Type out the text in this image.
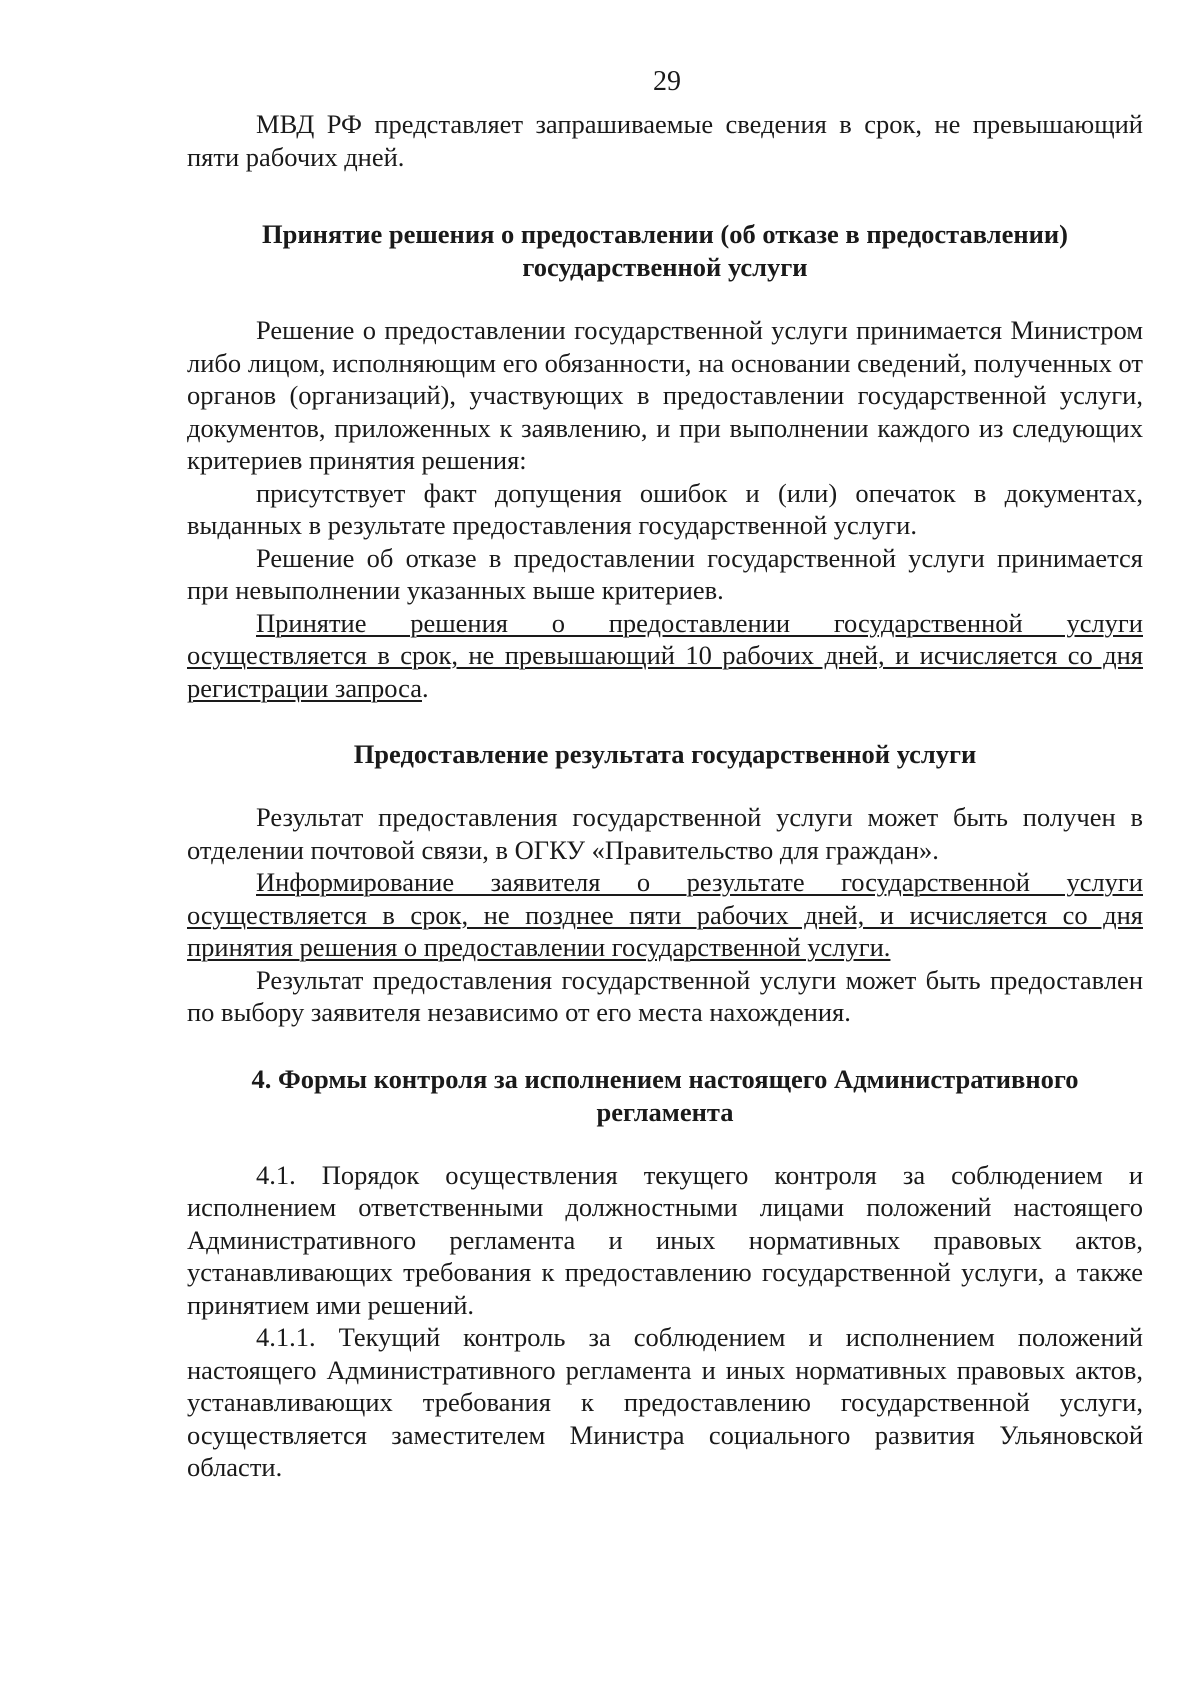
29

МВД РФ представляет запрашиваемые сведения в срок, не превышающий пяти рабочих дней.

Принятие решения о предоставлении (об отказе в предоставлении) государственной услуги

Решение о предоставлении государственной услуги принимается Министром либо лицом, исполняющим его обязанности, на основании сведений, полученных от органов (организаций), участвующих в предоставлении государственной услуги, документов, приложенных к заявлению, и при выполнении каждого из следующих критериев принятия решения:

присутствует факт допущения ошибок и (или) опечаток в документах, выданных в результате предоставления государственной услуги.

Решение об отказе в предоставлении государственной услуги принимается при невыполнении указанных выше критериев.

Принятие решения о предоставлении государственной услуги осуществляется в срок, не превышающий 10 рабочих дней, и исчисляется со дня регистрации запроса.

Предоставление результата государственной услуги

Результат предоставления государственной услуги может быть получен в отделении почтовой связи, в ОГКУ «Правительство для граждан».

Информирование заявителя о результате государственной услуги осуществляется в срок, не позднее пяти рабочих дней, и исчисляется со дня принятия решения о предоставлении государственной услуги.

Результат предоставления государственной услуги может быть предоставлен по выбору заявителя независимо от его места нахождения.

4. Формы контроля за исполнением настоящего Административного регламента

4.1. Порядок осуществления текущего контроля за соблюдением и исполнением ответственными должностными лицами положений настоящего Административного регламента и иных нормативных правовых актов, устанавливающих требования к предоставлению государственной услуги, а также принятием ими решений.

4.1.1. Текущий контроль за соблюдением и исполнением положений настоящего Административного регламента и иных нормативных правовых актов, устанавливающих требования к предоставлению государственной услуги, осуществляется заместителем Министра социального развития Ульяновской области.
